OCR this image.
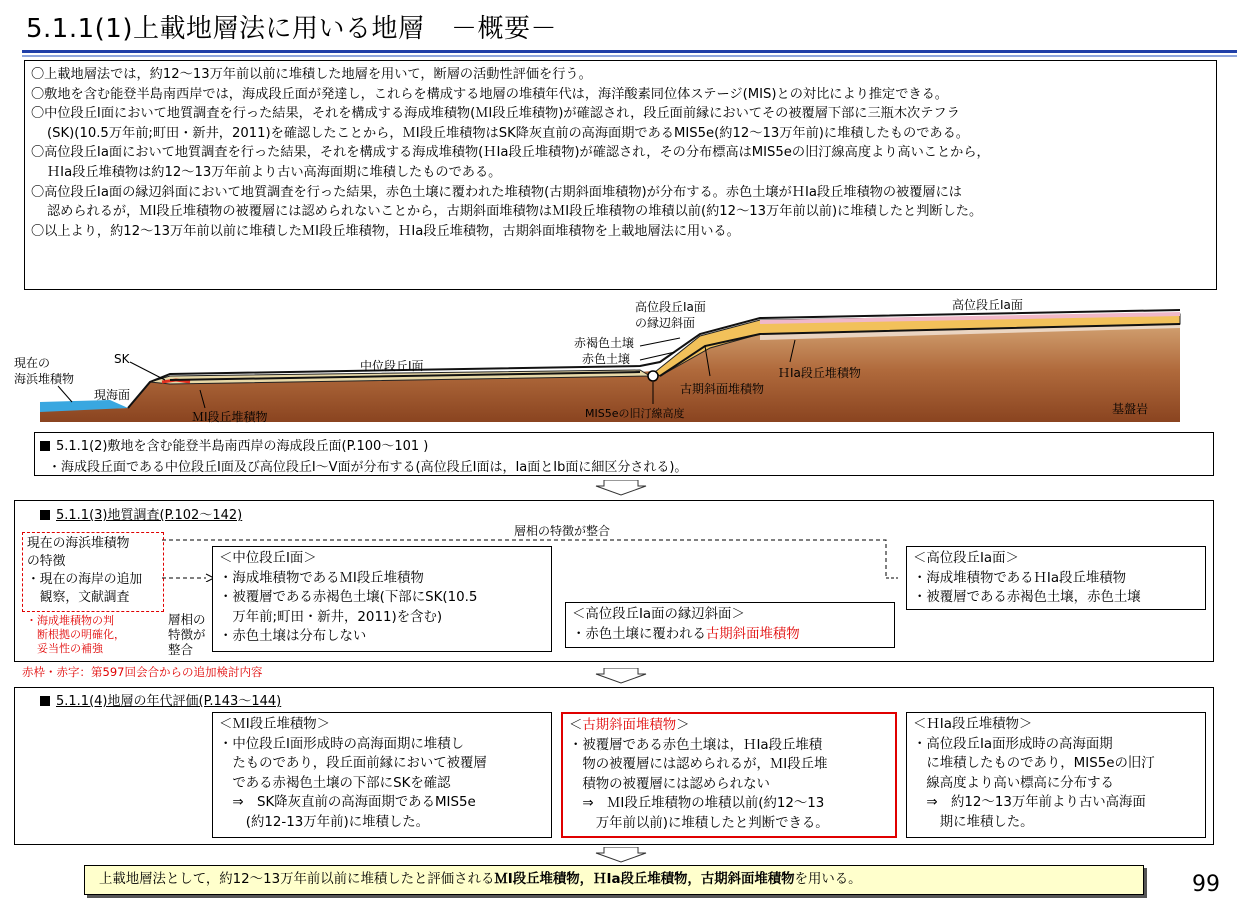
5.1.1(1)上載地層法に用いる地層　－概要－

〇上載地層法では，約12～13万年前以前に堆積した地層を用いて，断層の活動性評価を行う。

〇敷地を含む能登半島南西岸では，海成段丘面が発達し，これらを構成する地層の堆積年代は，海洋酸素同位体ステージ(MIS)との対比により推定できる。

〇中位段丘Ⅰ面において地質調査を行った結果，それを構成する海成堆積物(ＭⅠ段丘堆積物)が確認され，段丘面前縁においてその被覆層下部に三瓶木次テフラ

(SK)(10.5万年前;町田・新井，2011)を確認したことから，ＭⅠ段丘堆積物はSK降灰直前の高海面期であるMIS5e(約12～13万年前)に堆積したものである。

〇高位段丘Ⅰa面において地質調査を行った結果，それを構成する海成堆積物(ＨⅠa段丘堆積物)が確認され，その分布標高はMIS5eの旧汀線高度より高いことから，

ＨⅠa段丘堆積物は約12～13万年前より古い高海面期に堆積したものである。

〇高位段丘Ⅰa面の縁辺斜面において地質調査を行った結果，赤色土壌に覆われた堆積物(古期斜面堆積物)が分布する。赤色土壌がＨⅠa段丘堆積物の被覆層には

認められるが，ＭⅠ段丘堆積物の被覆層には認められないことから，古期斜面堆積物はＭⅠ段丘堆積物の堆積以前(約12～13万年前以前)に堆積したと判断した。

〇以上より，約12～13万年前以前に堆積したＭⅠ段丘堆積物，ＨⅠa段丘堆積物，古期斜面堆積物を上載地層法に用いる。

現在の
海浜堆積物
現海面
SK	中位段丘Ⅰ面
ＭⅠ段丘堆積物
高位段丘Ⅰa面
の縁辺斜面
赤褐色土壌
赤色土壌
古期斜面堆積物
ＨⅠa段丘堆積物
高位段丘Ⅰa面
MIS5eの旧汀線高度	基盤岩
5.1.1(2)敷地を含む能登半島南西岸の海成段丘面(P.100～101 )
・海成段丘面である中位段丘Ⅰ面及び高位段丘Ⅰ～Ⅴ面が分布する(高位段丘Ⅰ面は，Ⅰa面とⅠb面に細区分される)。
5.1.1(3)地質調査(P.102～142)
層相の特徴が整合
現在の海浜堆積物
の特徴
・現在の海岸の追加
　観察，文献調査
・海成堆積物の判
　断根拠の明確化，
　妥当性の補強
層相の
特徴が
整合
＜中位段丘Ⅰ面＞
・海成堆積物であるＭⅠ段丘堆積物
・被覆層である赤褐色土壌(下部にSK(10.5
　万年前;町田・新井，2011)を含む)
・赤色土壌は分布しない
＜高位段丘Ⅰa面の縁辺斜面＞
・赤色土壌に覆われる古期斜面堆積物
＜高位段丘Ⅰa面＞
・海成堆積物であるＨⅠa段丘堆積物
・被覆層である赤褐色土壌，赤色土壌
赤枠・赤字：第597回会合からの追加検討内容
5.1.1(4)地層の年代評価(P.143～144)
＜ＭⅠ段丘堆積物＞
・中位段丘Ⅰ面形成時の高海面期に堆積し
　たものであり，段丘面前縁において被覆層
　である赤褐色土壌の下部にSKを確認
　⇒　SK降灰直前の高海面期であるMIS5e
　　(約12-13万年前)に堆積した。
＜古期斜面堆積物＞
・被覆層である赤色土壌は，ＨⅠa段丘堆積
　物の被覆層には認められるが，ＭⅠ段丘堆
　積物の被覆層には認められない
　⇒　ＭⅠ段丘堆積物の堆積以前(約12～13
　　万年前以前)に堆積したと判断できる。
＜ＨⅠa段丘堆積物＞
・高位段丘Ⅰa面形成時の高海面期
　に堆積したものであり，MIS5eの旧汀
　線高度より高い標高に分布する
　⇒　約12～13万年前より古い高海面
　　期に堆積した。
上載地層法として，約12～13万年前以前に堆積したと評価されるＭⅠ段丘堆積物，ＨⅠa段丘堆積物，古期斜面堆積物を用いる。	99
